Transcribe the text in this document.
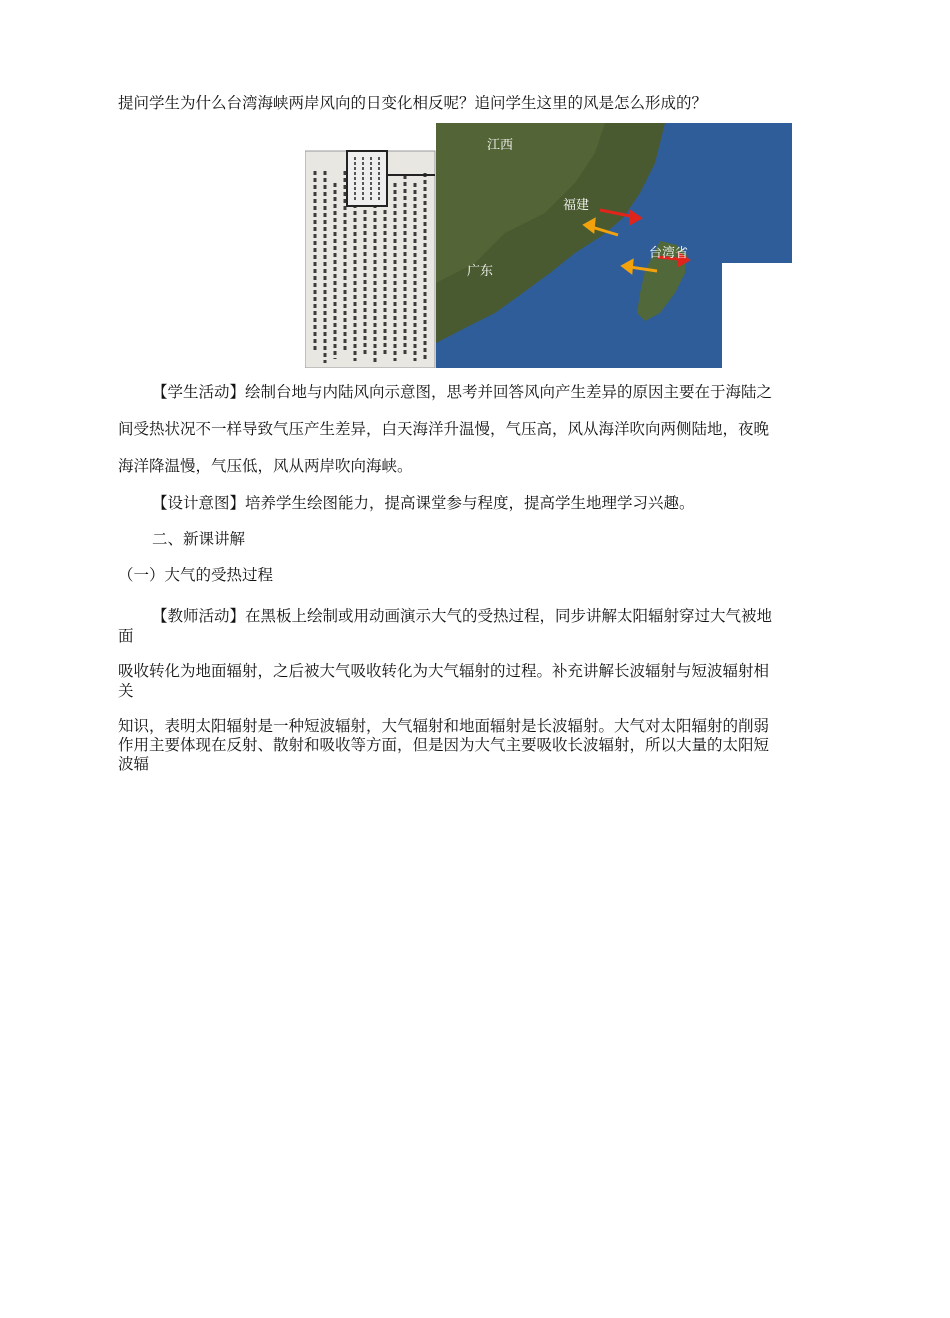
提问学生为什么台湾海峡两岸风向的日变化相反呢？追问学生这里的风是怎么形成的？
江西
福建
广东
台湾省
【学生活动】绘制台地与内陆风向示意图，思考并回答风向产生差异的原因主要在于海陆之
间受热状况不一样导致气压产生差异，白天海洋升温慢，气压高，风从海洋吹向两侧陆地，夜晚
海洋降温慢，气压低，风从两岸吹向海峡。
【设计意图】培养学生绘图能力，提高课堂参与程度，提高学生地理学习兴趣。
二、新课讲解
（一）大气的受热过程
【教师活动】在黑板上绘制或用动画演示大气的受热过程，同步讲解太阳辐射穿过大气被地
面
吸收转化为地面辐射，之后被大气吸收转化为大气辐射的过程。补充讲解长波辐射与短波辐射相
关
知识，表明太阳辐射是一种短波辐射，大气辐射和地面辐射是长波辐射。大气对太阳辐射的削弱
作用主要体现在反射、散射和吸收等方面，但是因为大气主要吸收长波辐射，所以大量的太阳短
波辐
